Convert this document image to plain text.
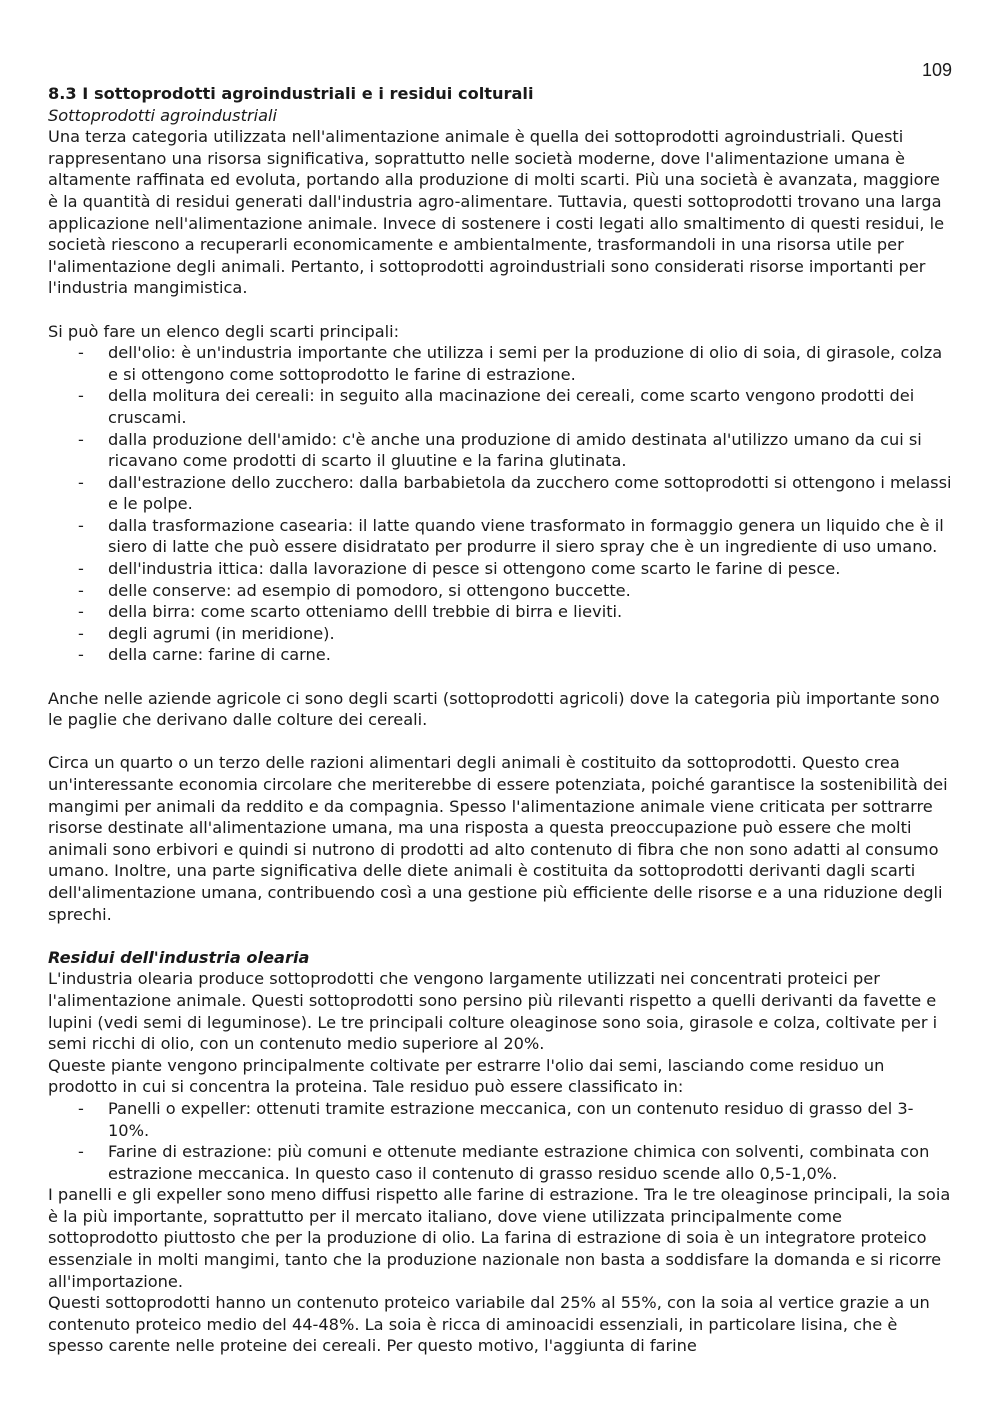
109

8.3 I sottoprodotti agroindustriali e i residui colturali

Sottoprodotti agroindustriali

Una terza categoria utilizzata nell'alimentazione animale è quella dei sottoprodotti agroindustriali. Questi rappresentano una risorsa significativa, soprattutto nelle società moderne, dove l'alimentazione umana è altamente raffinata ed evoluta, portando alla produzione di molti scarti. Più una società è avanzata, maggiore è la quantità di residui generati dall'industria agro-alimentare. Tuttavia, questi sottoprodotti trovano una larga applicazione nell'alimentazione animale. Invece di sostenere i costi legati allo smaltimento di questi residui, le società riescono a recuperarli economicamente e ambientalmente, trasformandoli in una risorsa utile per l'alimentazione degli animali. Pertanto, i sottoprodotti agroindustriali sono considerati risorse importanti per l'industria mangimistica.

Si può fare un elenco degli scarti principali:

- dell'olio: è un'industria importante che utilizza i semi per la produzione di olio di soia, di girasole, colza e si ottengono come sottoprodotto le farine di estrazione.
- della molitura dei cereali: in seguito alla macinazione dei cereali, come scarto vengono prodotti dei cruscami.
- dalla produzione dell'amido: c'è anche una produzione di amido destinata al'utilizzo umano da cui si ricavano come prodotti di scarto il gluutine e la farina glutinata.
- dall'estrazione dello zucchero: dalla barbabietola da zucchero come sottoprodotti si ottengono i melassi e le polpe.
- dalla trasformazione casearia: il latte quando viene trasformato in formaggio genera un liquido che è il siero di latte che può essere disidratato per produrre il siero spray che è un ingrediente di uso umano.
- dell'industria ittica: dalla lavorazione di pesce si ottengono come scarto le farine di pesce.
- delle conserve: ad esempio di pomodoro, si ottengono buccette.
- della birra: come scarto otteniamo delll trebbie di birra e lieviti.
- degli agrumi (in meridione).
- della carne: farine di carne.

Anche nelle aziende agricole ci sono degli scarti (sottoprodotti agricoli) dove la categoria più importante sono le paglie che derivano dalle colture dei cereali.

Circa un quarto o un terzo delle razioni alimentari degli animali è costituito da sottoprodotti. Questo crea un'interessante economia circolare che meriterebbe di essere potenziata, poiché garantisce la sostenibilità dei mangimi per animali da reddito e da compagnia. Spesso l'alimentazione animale viene criticata per sottrarre risorse destinate all'alimentazione umana, ma una risposta a questa preoccupazione può essere che molti animali sono erbivori e quindi si nutrono di prodotti ad alto contenuto di fibra che non sono adatti al consumo umano. Inoltre, una parte significativa delle diete animali è costituita da sottoprodotti derivanti dagli scarti dell'alimentazione umana, contribuendo così a una gestione più efficiente delle risorse e a una riduzione degli sprechi.

Residui dell'industria olearia

L'industria olearia produce sottoprodotti che vengono largamente utilizzati nei concentrati proteici per l'alimentazione animale. Questi sottoprodotti sono persino più rilevanti rispetto a quelli derivanti da favette e lupini (vedi semi di leguminose). Le tre principali colture oleaginose sono soia, girasole e colza, coltivate per i semi ricchi di olio, con un contenuto medio superiore al 20%.

Queste piante vengono principalmente coltivate per estrarre l'olio dai semi, lasciando come residuo un prodotto in cui si concentra la proteina. Tale residuo può essere classificato in:

- Panelli o expeller: ottenuti tramite estrazione meccanica, con un contenuto residuo di grasso del 3-10%.
- Farine di estrazione: più comuni e ottenute mediante estrazione chimica con solventi, combinata con estrazione meccanica. In questo caso il contenuto di grasso residuo scende allo 0,5-1,0%.

I panelli e gli expeller sono meno diffusi rispetto alle farine di estrazione. Tra le tre oleaginose principali, la soia è la più importante, soprattutto per il mercato italiano, dove viene utilizzata principalmente come sottoprodotto piuttosto che per la produzione di olio. La farina di estrazione di soia è un integratore proteico essenziale in molti mangimi, tanto che la produzione nazionale non basta a soddisfare la domanda e si ricorre all'importazione.

Questi sottoprodotti hanno un contenuto proteico variabile dal 25% al 55%, con la soia al vertice grazie a un contenuto proteico medio del 44-48%. La soia è ricca di aminoacidi essenziali, in particolare lisina, che è spesso carente nelle proteine dei cereali. Per questo motivo, l'aggiunta di farine
